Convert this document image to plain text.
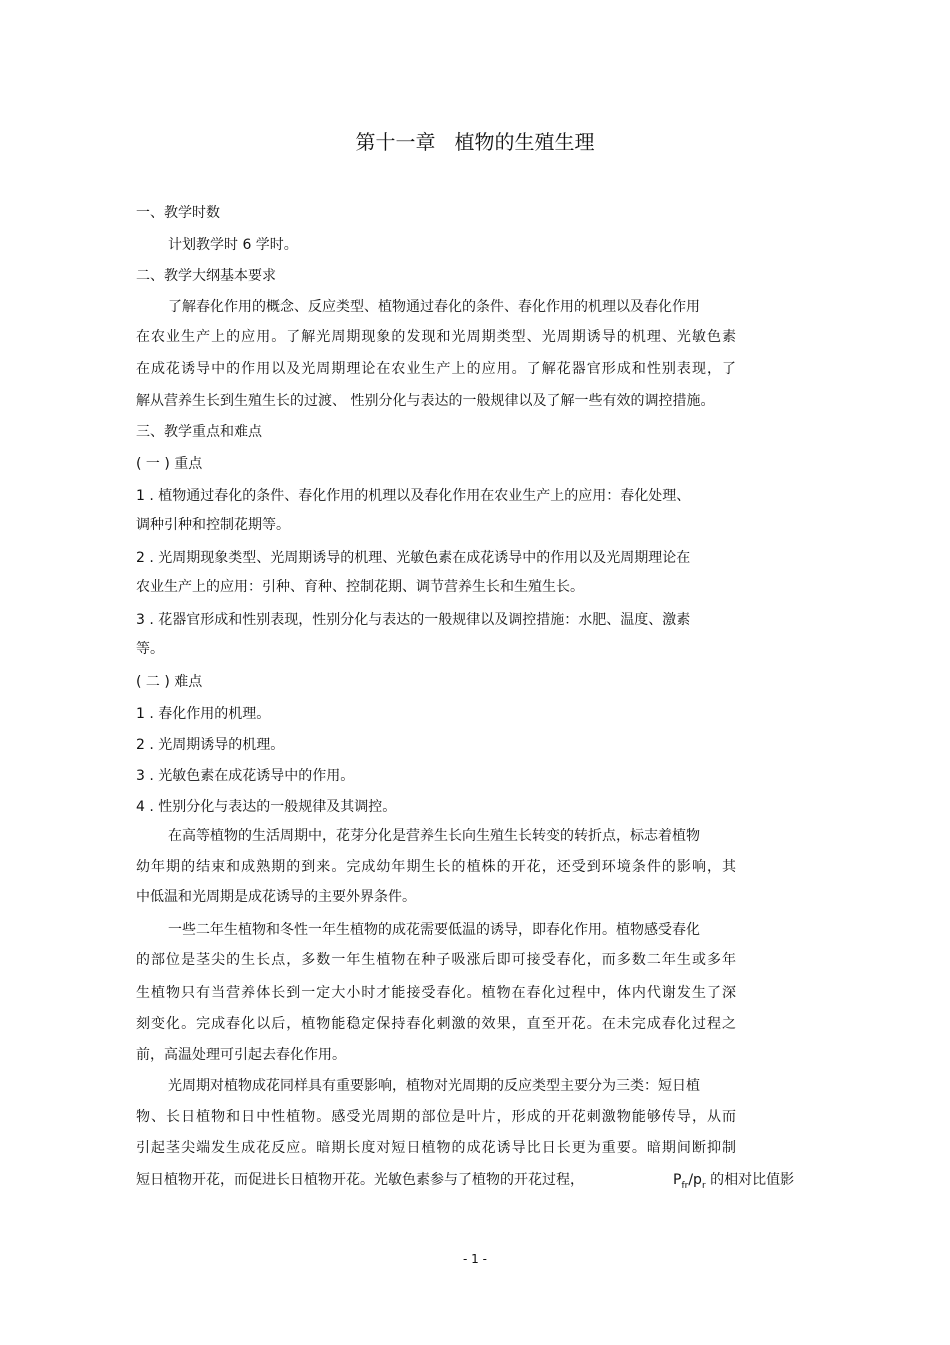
第十一章   植物的生殖生理
一、教学时数
计划教学时 6 学时。
二、教学大纲基本要求
了解春化作用的概念、反应类型、植物通过春化的条件、春化作用的机理以及春化作用
在农业生产上的应用。了解光周期现象的发现和光周期类型、光周期诱导的机理、光敏色素
在成花诱导中的作用以及光周期理论在农业生产上的应用。了解花器官形成和性别表现，了
解从营养生长到生殖生长的过渡、 性别分化与表达的一般规律以及了解一些有效的调控措施。
三、教学重点和难点
( 一 ) 重点
1 . 植物通过春化的条件、春化作用的机理以及春化作用在农业生产上的应用：春化处理、
调种引种和控制花期等。
2 . 光周期现象类型、光周期诱导的机理、光敏色素在成花诱导中的作用以及光周期理论在
农业生产上的应用：引种、育种、控制花期、调节营养生长和生殖生长。
3 . 花器官形成和性别表现，性别分化与表达的一般规律以及调控措施：水肥、温度、激素
等。
( 二 ) 难点
1 . 春化作用的机理。
2 . 光周期诱导的机理。
3 . 光敏色素在成花诱导中的作用。
4 . 性别分化与表达的一般规律及其调控。
在高等植物的生活周期中，花芽分化是营养生长向生殖生长转变的转折点，标志着植物
幼年期的结束和成熟期的到来。完成幼年期生长的植株的开花，还受到环境条件的影响，其
中低温和光周期是成花诱导的主要外界条件。
一些二年生植物和冬性一年生植物的成花需要低温的诱导，即春化作用。植物感受春化
的部位是茎尖的生长点，多数一年生植物在种子吸涨后即可接受春化，而多数二年生或多年
生植物只有当营养体长到一定大小时才能接受春化。植物在春化过程中，体内代谢发生了深
刻变化。完成春化以后，植物能稳定保持春化刺激的效果，直至开花。在未完成春化过程之
前，高温处理可引起去春化作用。
光周期对植物成花同样具有重要影响，植物对光周期的反应类型主要分为三类：短日植
物、长日植物和日中性植物。感受光周期的部位是叶片，形成的开花刺激物能够传导，从而
引起茎尖端发生成花反应。暗期长度对短日植物的成花诱导比日长更为重要。暗期间断抑制
短日植物开花，而促进长日植物开花。光敏色素参与了植物的开花过程，	$P_{fr}/p_r$ 的相对比值影
- 1 -
